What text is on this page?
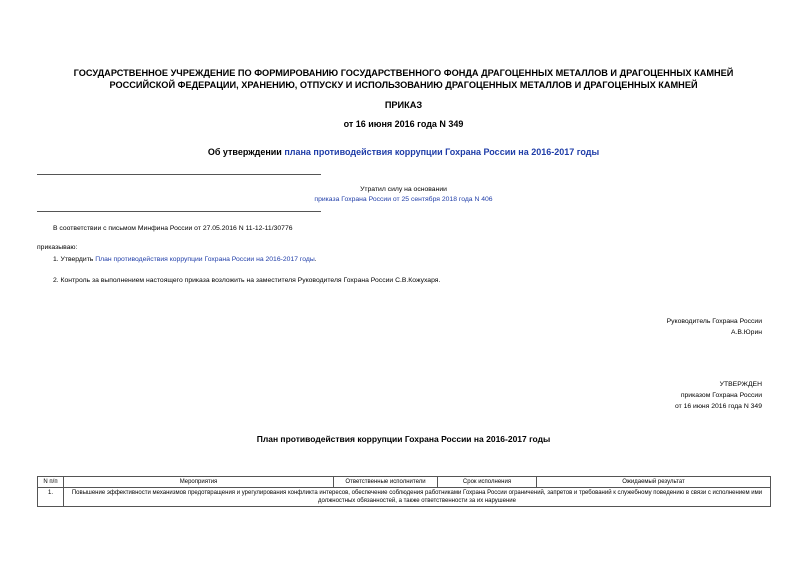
ГОСУДАРСТВЕННОЕ УЧРЕЖДЕНИЕ ПО ФОРМИРОВАНИЮ ГОСУДАРСТВЕННОГО ФОНДА ДРАГОЦЕННЫХ МЕТАЛЛОВ И ДРАГОЦЕННЫХ КАМНЕЙ РОССИЙСКОЙ ФЕДЕРАЦИИ, ХРАНЕНИЮ, ОТПУСКУ И ИСПОЛЬЗОВАНИЮ ДРАГОЦЕННЫХ МЕТАЛЛОВ И ДРАГОЦЕННЫХ КАМНЕЙ
ПРИКАЗ
от 16 июня 2016 года N 349
Об утверждении плана противодействия коррупции Гохрана России на 2016-2017 годы
Утратил силу на основании
приказа Гохрана России от 25 сентября 2018 года N 406
В соответствии с письмом Минфина России от 27.05.2016 N 11-12-11/30776
приказываю:
1. Утвердить План противодействия коррупции Гохрана России на 2016-2017 годы.
2. Контроль за выполнением настоящего приказа возложить на заместителя Руководителя Гохрана России С.В.Кожухаря.
Руководитель Гохрана России
А.В.Юрин
УТВЕРЖДЕН
приказом Гохрана России
от 16 июня 2016 года N 349
План противодействия коррупции Гохрана России на 2016-2017 годы
N п/п	Мероприятия	Ответственные исполнители	Срок исполнения	Ожидаемый результат
1.	Повышение эффективности механизмов предотвращения и урегулирования конфликта интересов, обеспечение соблюдения работниками Гохрана России ограничений, запретов и требований к служебному поведению в связи с исполнением ими должностных обязанностей, а также ответственности за их нарушение			
